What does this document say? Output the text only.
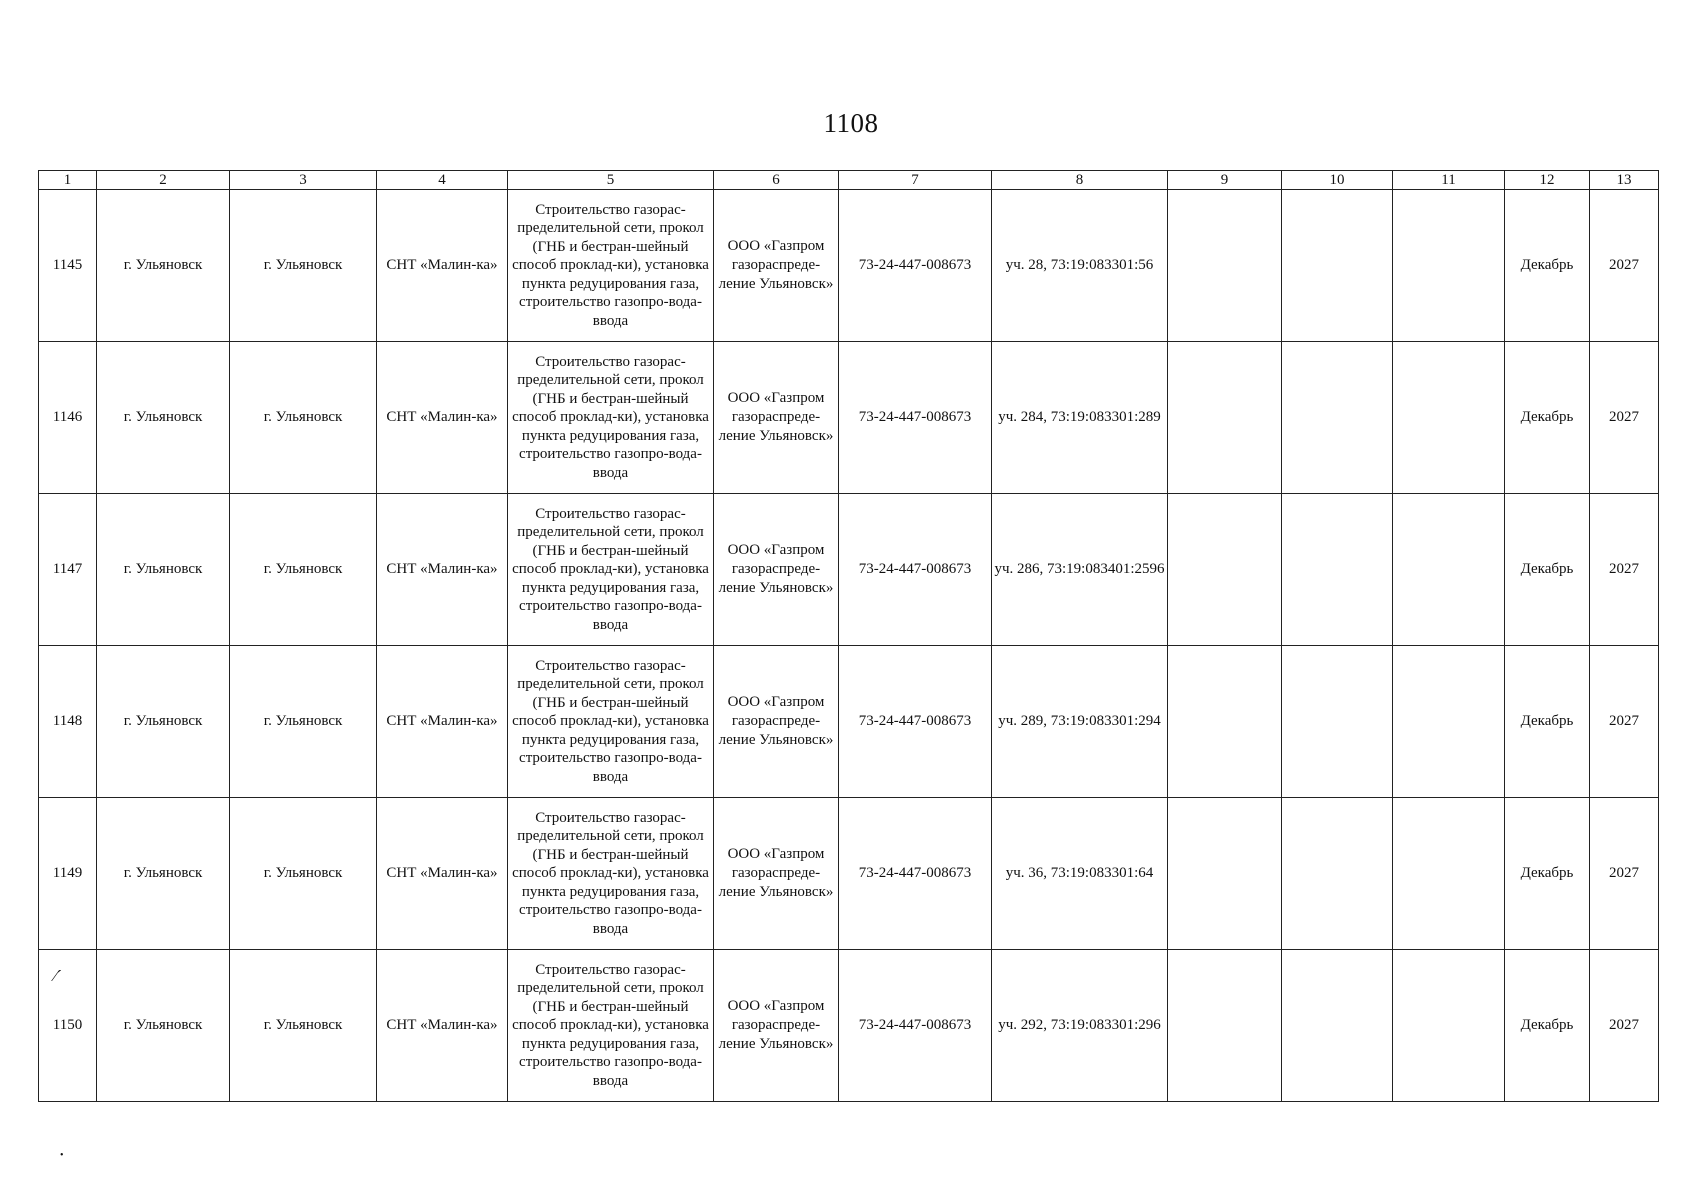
1108
1	2	3	4	5	6	7	8	9	10	11	12	13
1145	г. Ульяновск	г. Ульяновск	СНТ «Малин-ка»	Строительство газорас-пределительной сети, прокол (ГНБ и бестран-шейный способ проклад-ки), установка пункта редуцирования газа, строительство газопро-вода-ввода	ООО «Газпром газораспреде-ление Ульяновск»	73-24-447-008673	уч. 28, 73:19:083301:56				Декабрь	2027
1146	г. Ульяновск	г. Ульяновск	СНТ «Малин-ка»	Строительство газорас-пределительной сети, прокол (ГНБ и бестран-шейный способ проклад-ки), установка пункта редуцирования газа, строительство газопро-вода-ввода	ООО «Газпром газораспреде-ление Ульяновск»	73-24-447-008673	уч. 284, 73:19:083301:289				Декабрь	2027
1147	г. Ульяновск	г. Ульяновск	СНТ «Малин-ка»	Строительство газорас-пределительной сети, прокол (ГНБ и бестран-шейный способ проклад-ки), установка пункта редуцирования газа, строительство газопро-вода-ввода	ООО «Газпром газораспреде-ление Ульяновск»	73-24-447-008673	уч. 286, 73:19:083401:2596				Декабрь	2027
1148	г. Ульяновск	г. Ульяновск	СНТ «Малин-ка»	Строительство газорас-пределительной сети, прокол (ГНБ и бестран-шейный способ проклад-ки), установка пункта редуцирования газа, строительство газопро-вода-ввода	ООО «Газпром газораспреде-ление Ульяновск»	73-24-447-008673	уч. 289, 73:19:083301:294				Декабрь	2027
1149	г. Ульяновск	г. Ульяновск	СНТ «Малин-ка»	Строительство газорас-пределительной сети, прокол (ГНБ и бестран-шейный способ проклад-ки), установка пункта редуцирования газа, строительство газопро-вода-ввода	ООО «Газпром газораспреде-ление Ульяновск»	73-24-447-008673	уч. 36, 73:19:083301:64				Декабрь	2027
1150	г. Ульяновск	г. Ульяновск	СНТ «Малин-ка»	Строительство газорас-пределительной сети, прокол (ГНБ и бестран-шейный способ проклад-ки), установка пункта редуцирования газа, строительство газопро-вода-ввода	ООО «Газпром газораспреде-ление Ульяновск»	73-24-447-008673	уч. 292, 73:19:083301:296				Декабрь	2027
⁄ˊ
•
